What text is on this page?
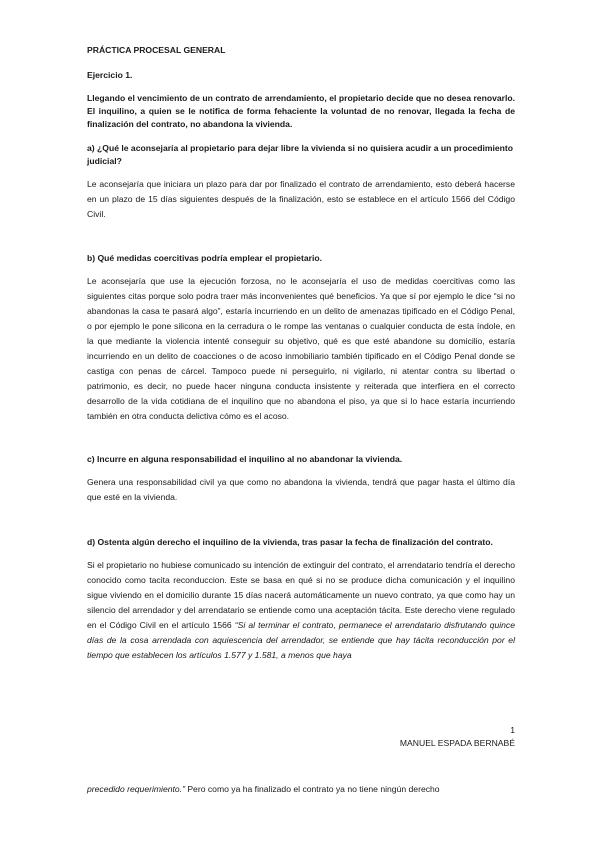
PRÁCTICA PROCESAL GENERAL
Ejercicio 1.
Llegando el vencimiento de un contrato de arrendamiento, el propietario decide que no desea renovarlo. El inquilino, a quien se le notifica de forma fehaciente la voluntad de no renovar, llegada la fecha de finalización del contrato, no abandona la vivienda.
a) ¿Qué le aconsejaría al propietario para dejar libre la vivienda si no quisiera acudir a un procedimiento judicial?
Le aconsejaría que iniciara un plazo para dar por finalizado el contrato de arrendamiento, esto deberá hacerse en un plazo de 15 días siguientes después de la finalización, esto se establece en el artículo 1566 del Código Civil.
b) Qué medidas coercitivas podría emplear el propietario.
Le aconsejaría que use la ejecución forzosa, no le aconsejaría el uso de medidas coercitivas como las siguientes citas porque solo podra traer más inconvenientes qué beneficios. Ya que sí por ejemplo le dice “si no abandonas la casa te pasará algo”, estaría incurriendo en un delito de amenazas tipificado en el Código Penal, o por ejemplo le pone silicona en la cerradura o le rompe las ventanas o cualquier conducta de esta índole, en la que mediante la violencia intenté conseguir su objetivo, qué es que esté abandone su domicilio, estaría incurriendo en un delito de coacciones o de acoso inmobiliario también tipificado en el Código Penal donde se castiga con penas de cárcel. Tampoco puede ni perseguirlo, ni vigilarlo, ni atentar contra su libertad o patrimonio, es decir, no puede hacer ninguna conducta insistente y reiterada que interfiera en el correcto desarrollo de la vida cotidiana de el inquilino que no abandona el piso, ya que si lo hace estaría incurriendo también en otra conducta delictiva cómo es el acoso.
c) Incurre en alguna responsabilidad el inquilino al no abandonar la vivienda.
Genera una responsabilidad civil ya que como no abandona la vivienda, tendrá que pagar hasta el último día que esté en la vivienda.
d) Ostenta algún derecho el inquilino de la vivienda, tras pasar la fecha de finalización del contrato.
Si el propietario no hubiese comunicado su intención de extinguir del contrato, el arrendatario tendría el derecho conocido como tacita reconduccion. Este se basa en qué si no se produce dicha comunicación y el inquilino sigue viviendo en el domicilio durante 15 días nacerá automáticamente un nuevo contrato, ya que como hay un silencio del arrendador y del arrendatario se entiende como una aceptación tácita. Este derecho viene regulado en el Código Civil en el artículo 1566 “Si al terminar el contrato, permanece el arrendatario disfrutando quince días de la cosa arrendada con aquiescencia del arrendador, se entiende que hay tácita reconducción por el tiempo que establecen los artículos 1.577 y 1.581, a menos que haya
1
MANUEL ESPADA BERNABÉ
precedido requerimiento.” Pero como ya ha finalizado el contrato ya no tiene ningún derecho
